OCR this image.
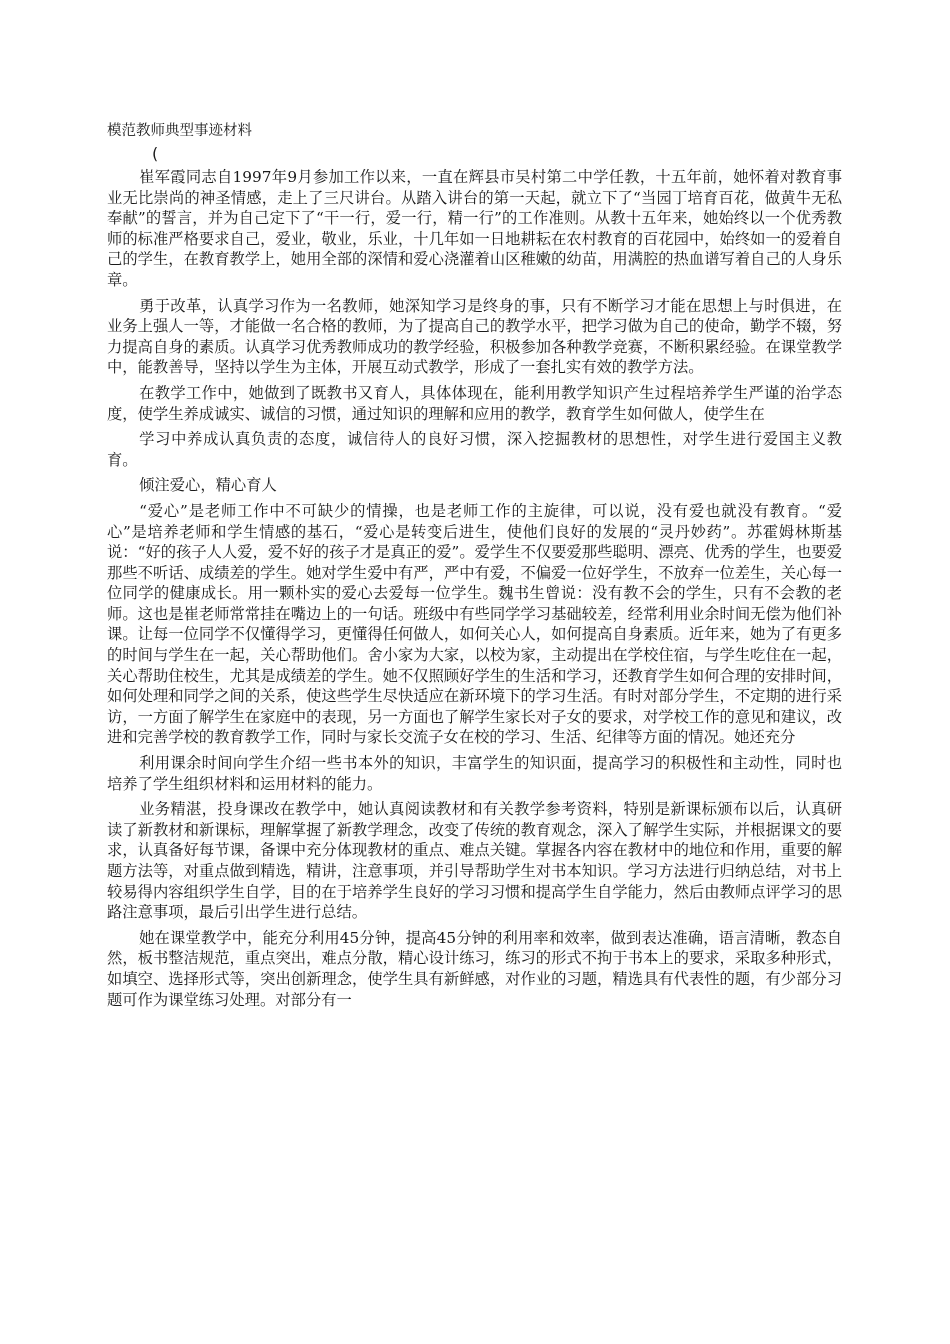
模范教师典型事迹材料

(

崔军霞同志自1997年9月参加工作以来，一直在辉县市吴村第二中学任教，十五年前，她怀着对教育事业无比崇尚的神圣情感，走上了三尺讲台。从踏入讲台的第一天起，就立下了“当园丁培育百花，做黄牛无私奉献”的誓言，并为自己定下了“干一行，爱一行，精一行”的工作准则。从教十五年来，她始终以一个优秀教师的标准严格要求自己，爱业，敬业，乐业，十几年如一日地耕耘在农村教育的百花园中，始终如一的爱着自己的学生，在教育教学上，她用全部的深情和爱心浇灌着山区稚嫩的幼苗，用满腔的热血谱写着自己的人身乐章。

勇于改革，认真学习作为一名教师，她深知学习是终身的事，只有不断学习才能在思想上与时俱进，在业务上强人一等，才能做一名合格的教师，为了提高自己的教学水平，把学习做为自己的使命，勤学不辍，努力提高自身的素质。认真学习优秀教师成功的教学经验，积极参加各种教学竞赛，不断积累经验。在课堂教学中，能教善导，坚持以学生为主体，开展互动式教学，形成了一套扎实有效的教学方法。

在教学工作中，她做到了既教书又育人，具体体现在，能利用教学知识产生过程培养学生严谨的治学态度，使学生养成诚实、诚信的习惯，通过知识的理解和应用的教学，教育学生如何做人，使学生在

学习中养成认真负责的态度，诚信待人的良好习惯，深入挖掘教材的思想性，对学生进行爱国主义教育。

倾注爱心，精心育人

“爱心”是老师工作中不可缺少的情操，也是老师工作的主旋律，可以说，没有爱也就没有教育。“爱心”是培养老师和学生情感的基石，“爱心是转变后进生，使他们良好的发展的“灵丹妙药”。苏霍姆林斯基说：“好的孩子人人爱，爱不好的孩子才是真正的爱”。爱学生不仅要爱那些聪明、漂亮、优秀的学生，也要爱那些不听话、成绩差的学生。她对学生爱中有严，严中有爱，不偏爱一位好学生，不放弃一位差生，关心每一位同学的健康成长。用一颗朴实的爱心去爱每一位学生。魏书生曾说：没有教不会的学生，只有不会教的老师。这也是崔老师常常挂在嘴边上的一句话。班级中有些同学学习基础较差，经常利用业余时间无偿为他们补课。让每一位同学不仅懂得学习，更懂得任何做人，如何关心人，如何提高自身素质。近年来，她为了有更多的时间与学生在一起，关心帮助他们。舍小家为大家，以校为家，主动提出在学校住宿，与学生吃住在一起，关心帮助住校生，尤其是成绩差的学生。她不仅照顾好学生的生活和学习，还教育学生如何合理的安排时间，如何处理和同学之间的关系，使这些学生尽快适应在新环境下的学习生活。有时对部分学生，不定期的进行采访，一方面了解学生在家庭中的表现，另一方面也了解学生家长对子女的要求，对学校工作的意见和建议，改进和完善学校的教育教学工作，同时与家长交流子女在校的学习、生活、纪律等方面的情况。她还充分

利用课余时间向学生介绍一些书本外的知识，丰富学生的知识面，提高学习的积极性和主动性，同时也培养了学生组织材料和运用材料的能力。

业务精湛，投身课改在教学中，她认真阅读教材和有关教学参考资料，特别是新课标颁布以后，认真研读了新教材和新课标，理解掌握了新教学理念，改变了传统的教育观念，深入了解学生实际，并根据课文的要求，认真备好每节课，备课中充分体现教材的重点、难点关键。掌握各内容在教材中的地位和作用，重要的解题方法等，对重点做到精选，精讲，注意事项，并引导帮助学生对书本知识。学习方法进行归纳总结，对书上较易得内容组织学生自学，目的在于培养学生良好的学习习惯和提高学生自学能力，然后由教师点评学习的思路注意事项，最后引出学生进行总结。

她在课堂教学中，能充分利用45分钟，提高45分钟的利用率和效率，做到表达准确，语言清晰，教态自然，板书整洁规范，重点突出，难点分散，精心设计练习，练习的形式不拘于书本上的要求，采取多种形式，如填空、选择形式等，突出创新理念，使学生具有新鲜感，对作业的习题，精选具有代表性的题，有少部分习题可作为课堂练习处理。对部分有一
